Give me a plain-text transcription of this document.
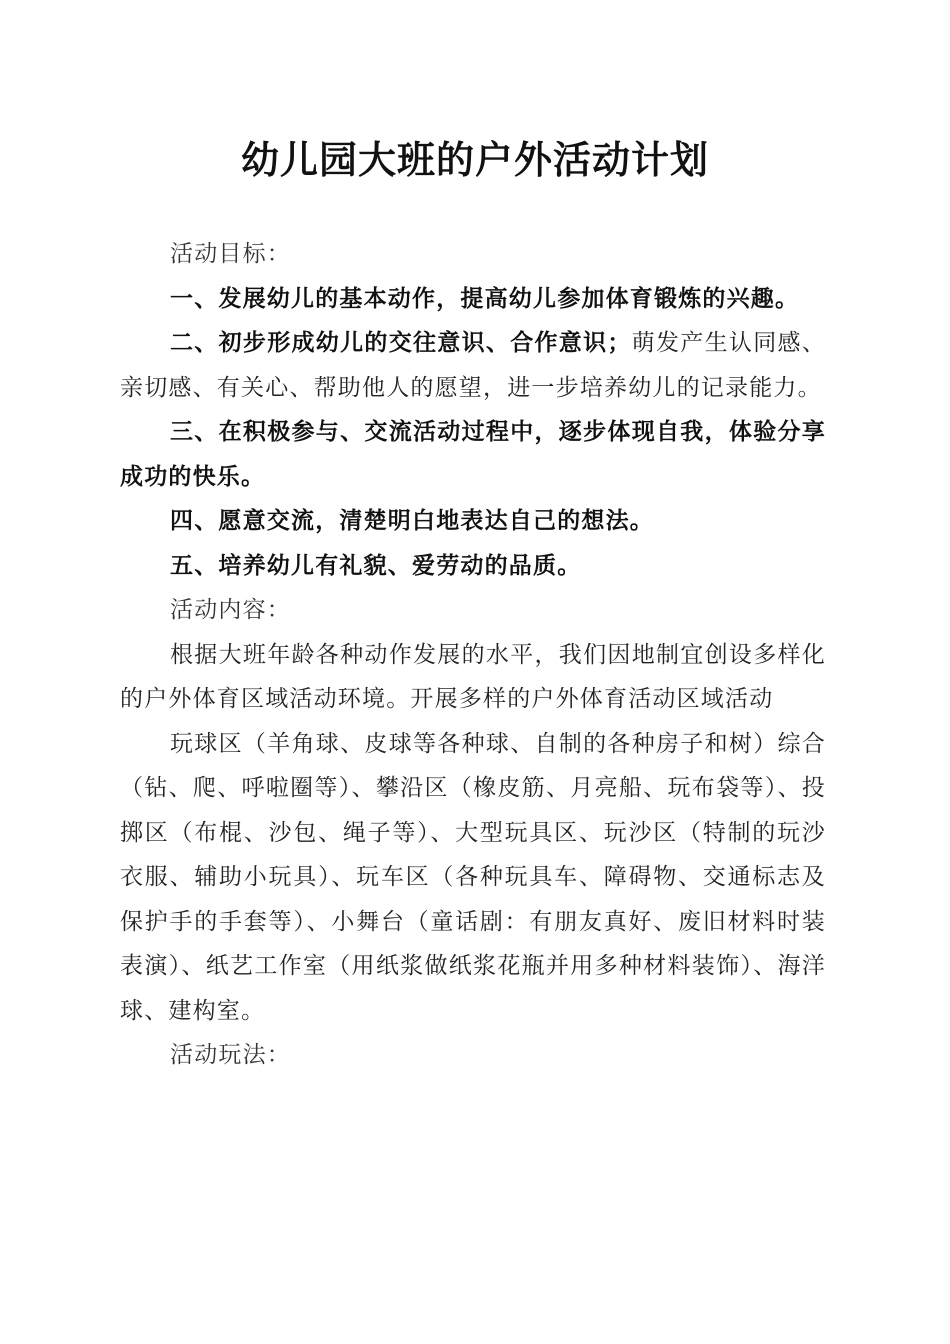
幼儿园大班的户外活动计划

活动目标：

一、发展幼儿的基本动作，提高幼儿参加体育锻炼的兴趣。

二、初步形成幼儿的交往意识、合作意识；萌发产生认同感、亲切感、有关心、帮助他人的愿望，进一步培养幼儿的记录能力。

三、在积极参与、交流活动过程中，逐步体现自我，体验分享成功的快乐。

四、愿意交流，清楚明白地表达自己的想法。

五、培养幼儿有礼貌、爱劳动的品质。

活动内容：

根据大班年龄各种动作发展的水平，我们因地制宜创设多样化的户外体育区域活动环境。开展多样的户外体育活动区域活动

玩球区（羊角球、皮球等各种球、自制的各种房子和树）综合（钻、爬、呼啦圈等）、攀沿区（橡皮筋、月亮船、玩布袋等）、投掷区（布棍、沙包、绳子等）、大型玩具区、玩沙区（特制的玩沙衣服、辅助小玩具）、玩车区（各种玩具车、障碍物、交通标志及保护手的手套等）、小舞台（童话剧：有朋友真好、废旧材料时装表演）、纸艺工作室（用纸浆做纸浆花瓶并用多种材料装饰）、海洋球、建构室。

活动玩法：
